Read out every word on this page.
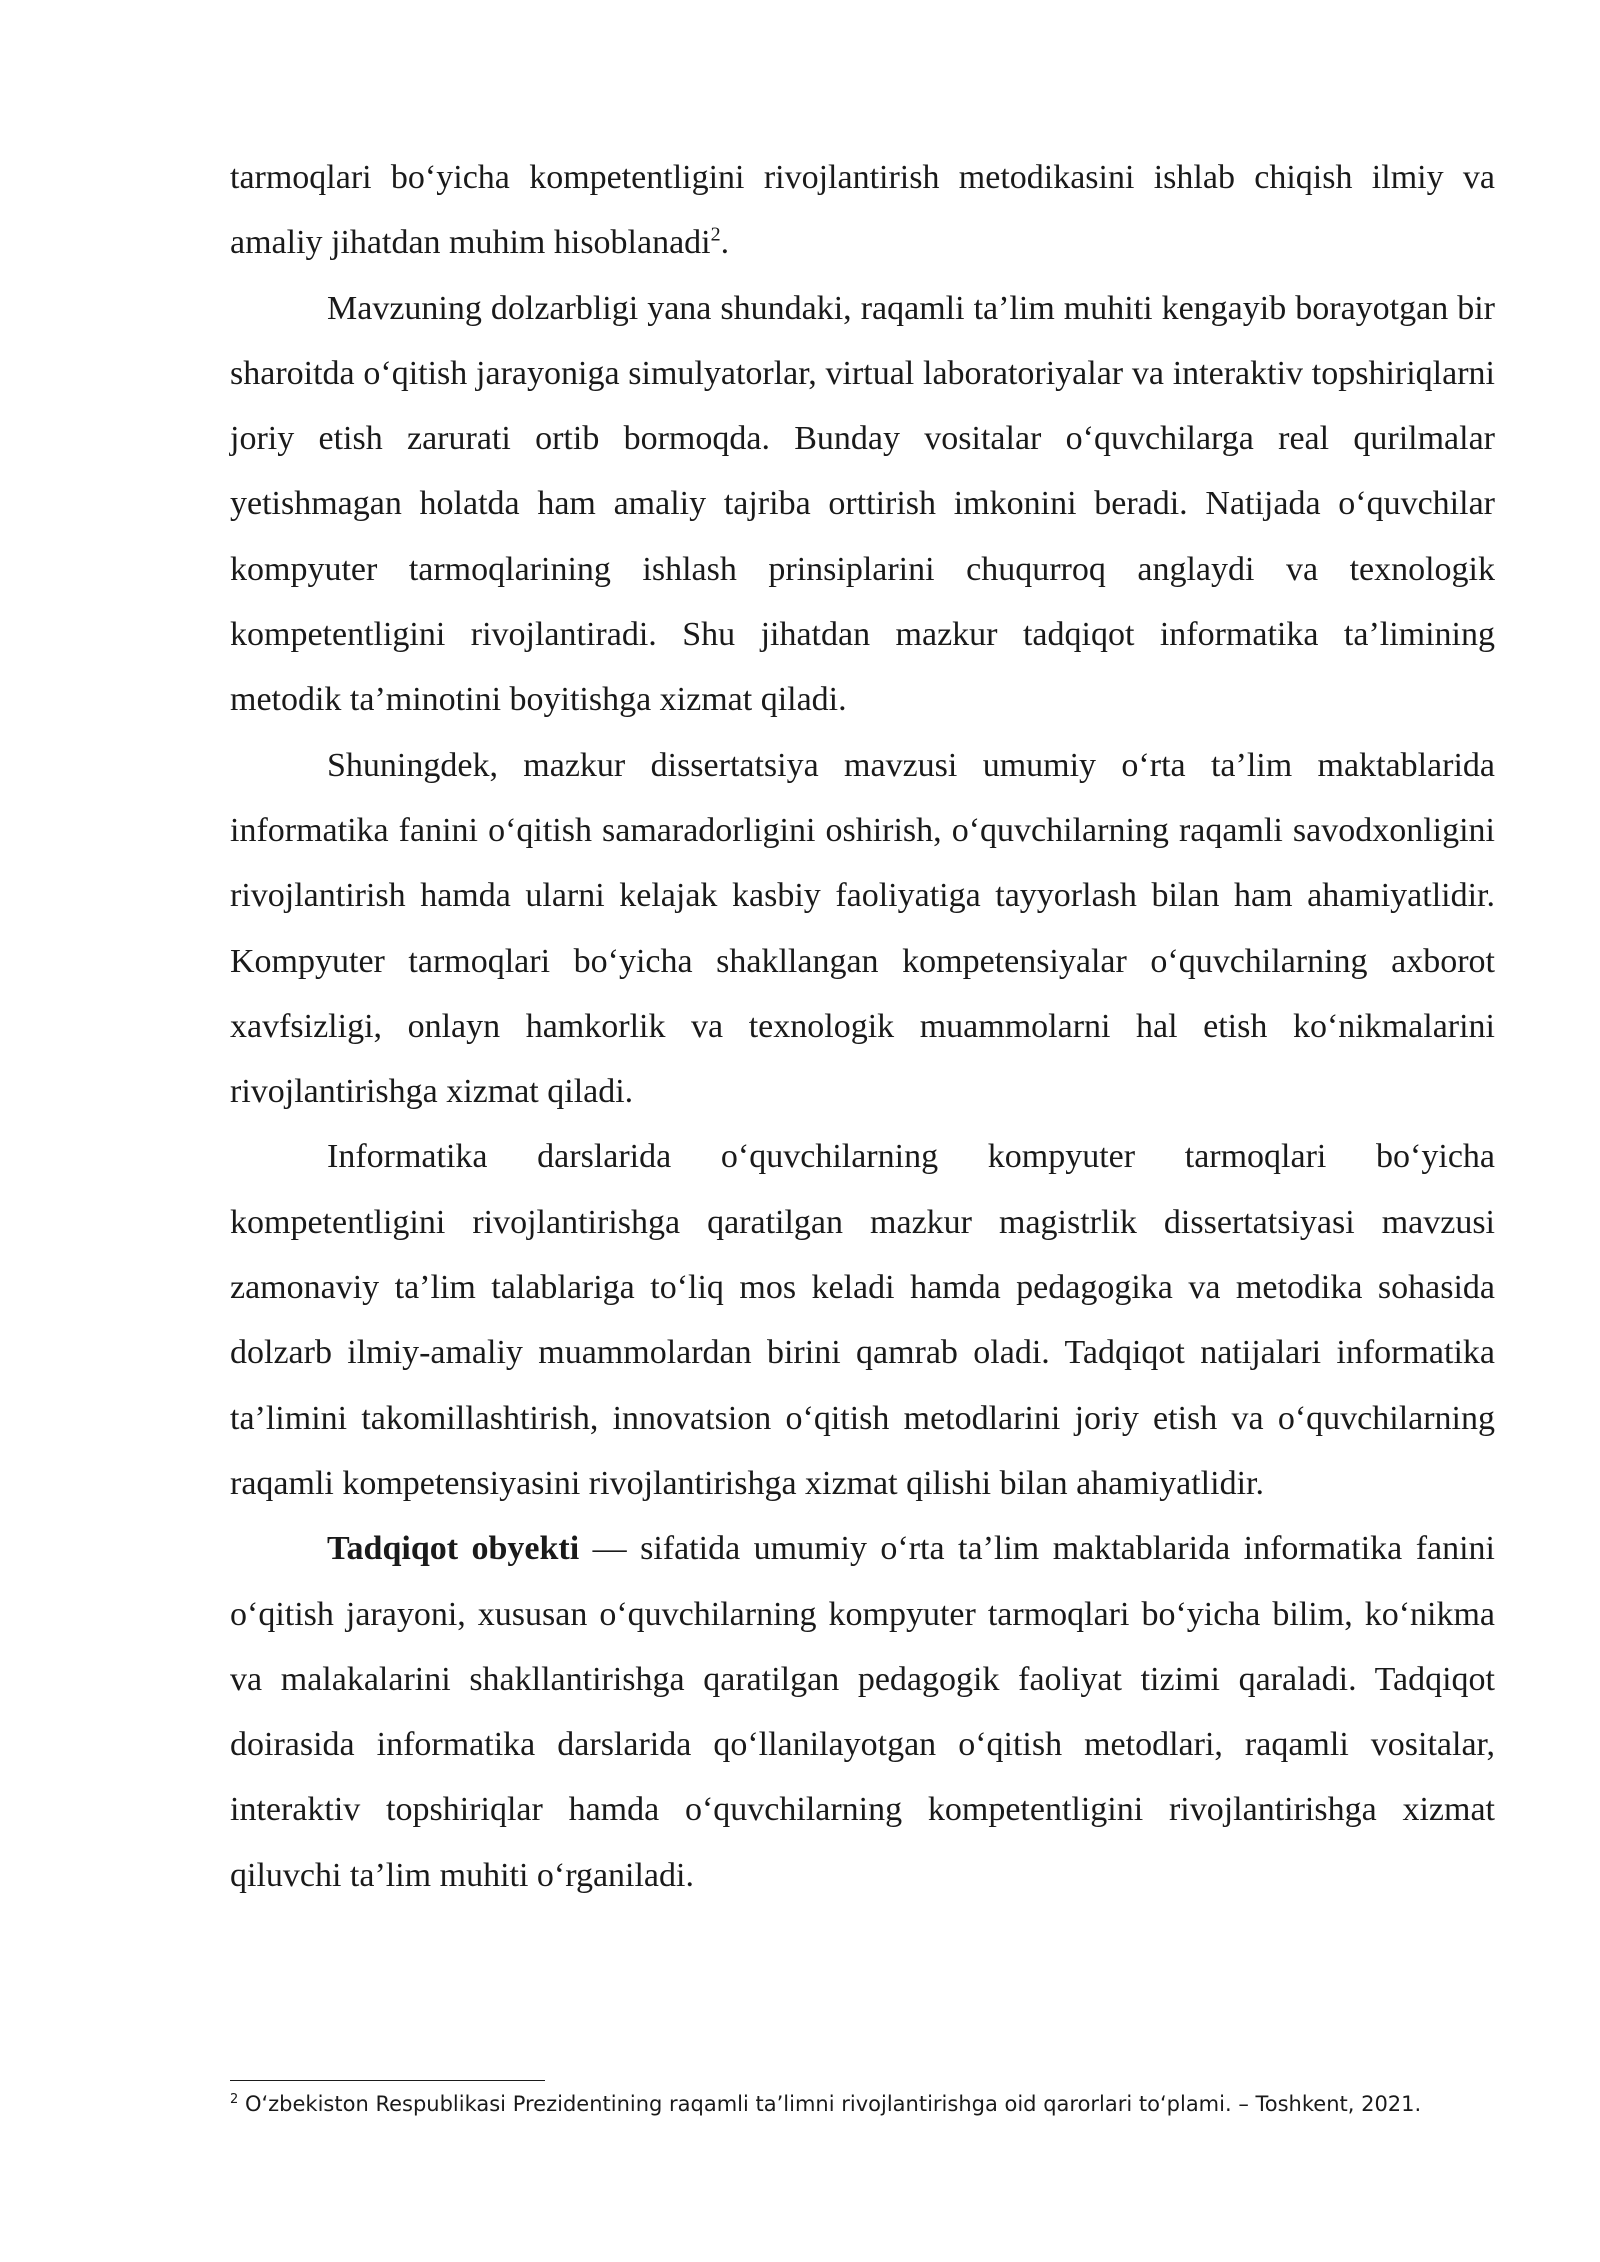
tarmoqlari boʻyicha kompetentligini rivojlantirish metodikasini ishlab chiqish ilmiy va amaliy jihatdan muhim hisoblanadi$^2$.

Mavzuning dolzarbligi yana shundaki, raqamli ta’lim muhiti kengayib borayotgan bir sharoitda oʻqitish jarayoniga simulyatorlar, virtual laboratoriyalar va interaktiv topshiriqlarni joriy etish zarurati ortib bormoqda. Bunday vositalar oʻquvchilarga real qurilmalar yetishmagan holatda ham amaliy tajriba orttirish imkonini beradi. Natijada oʻquvchilar kompyuter tarmoqlarining ishlash prinsiplarini chuqurroq anglaydi va texnologik kompetentligini rivojlantiradi. Shu jihatdan mazkur tadqiqot informatika ta’limining metodik ta’minotini boyitishga xizmat qiladi.

Shuningdek, mazkur dissertatsiya mavzusi umumiy oʻrta ta’lim maktablarida informatika fanini oʻqitish samaradorligini oshirish, oʻquvchilarning raqamli savodxonligini rivojlantirish hamda ularni kelajak kasbiy faoliyatiga tayyorlash bilan ham ahamiyatlidir. Kompyuter tarmoqlari boʻyicha shakllangan kompetensiyalar oʻquvchilarning axborot xavfsizligi, onlayn hamkorlik va texnologik muammolarni hal etish koʻnikmalarini rivojlantirishga xizmat qiladi.

Informatika darslarida oʻquvchilarning kompyuter tarmoqlari boʻyicha kompetentligini rivojlantirishga qaratilgan mazkur magistrlik dissertatsiyasi mavzusi zamonaviy ta’lim talablariga toʻliq mos keladi hamda pedagogika va metodika sohasida dolzarb ilmiy-amaliy muammolardan birini qamrab oladi. Tadqiqot natijalari informatika ta’limini takomillashtirish, innovatsion oʻqitish metodlarini joriy etish va oʻquvchilarning raqamli kompetensiyasini rivojlantirishga xizmat qilishi bilan ahamiyatlidir.

Tadqiqot obyekti — sifatida umumiy oʻrta ta’lim maktablarida informatika fanini oʻqitish jarayoni, xususan oʻquvchilarning kompyuter tarmoqlari boʻyicha bilim, koʻnikma va malakalarini shakllantirishga qaratilgan pedagogik faoliyat tizimi qaraladi. Tadqiqot doirasida informatika darslarida qoʻllanilayotgan oʻqitish metodlari, raqamli vositalar, interaktiv topshiriqlar hamda oʻquvchilarning kompetentligini rivojlantirishga xizmat qiluvchi ta’lim muhiti oʻrganiladi.

$^2$ Oʻzbekiston Respublikasi Prezidentining raqamli ta’limni rivojlantirishga oid qarorlari toʻplami. – Toshkent, 2021.
